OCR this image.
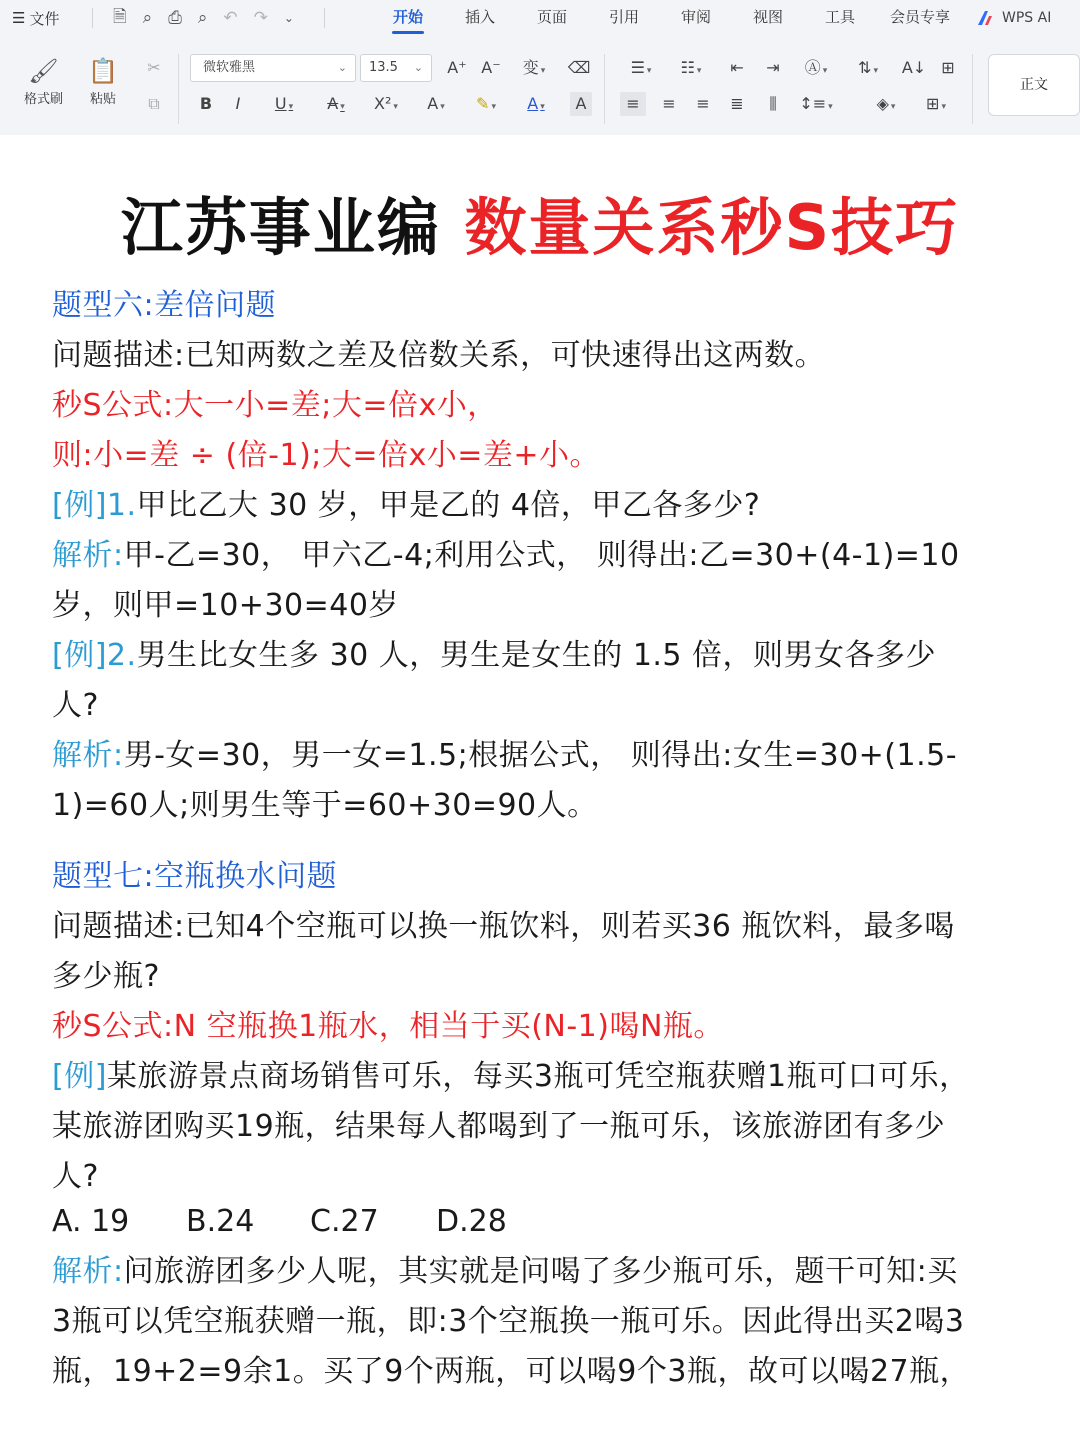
☰ 文件	🗎 ⌕ ⎙ ⌕ ↶ ↷ ⌄	开始	插入	页面	引用	审阅	视图	工具	会员专享	WPS AI
🖌
格式刷
📋
粘贴
✂
⧉
微软雅黑	⌄	13.5 ⌄ A⁺ A⁻	变 ▾	⌫
B	I	U ▾	A ▾	X² ▾	A ▾	✎ ▾	A ▾	A
☰ ▾	☷ ▾	⇤	⇥	Ⓐ ▾	⇅ ▾	A↓ ⊞
≡	≡	≡	≣	⫼	↕≡ ▾	◈ ▾	⊞ ▾
正文
江苏事业编 数量关系秒S技巧
题型六:差倍问题
问题描述:已知两数之差及倍数关系，可快速得出这两数。
秒S公式:大一小=差;大=倍x小，
则:小=差 ÷ (倍-1);大=倍x小=差+小。
[例]1.甲比乙大 30 岁，甲是乙的 4倍，甲乙各多少?
解析:甲-乙=30， 甲六乙-4;利用公式， 则得出:乙=30+(4-1)=10
岁，则甲=10+30=40岁
[例]2.男生比女生多 30 人，男生是女生的 1.5 倍，则男女各多少
人?
解析:男-女=30，男一女=1.5;根据公式， 则得出:女生=30+(1.5-
1)=60人;则男生等于=60+30=90人。
题型七:空瓶换水问题
问题描述:已知4个空瓶可以换一瓶饮料，则若买36 瓶饮料，最多喝
多少瓶?
秒S公式:N 空瓶换1瓶水，相当于买(N-1)喝N瓶。
[例]某旅游景点商场销售可乐，每买3瓶可凭空瓶获赠1瓶可口可乐，
某旅游团购买19瓶，结果每人都喝到了一瓶可乐，该旅游团有多少
人?
A. 19	B.24	C.27	D.28
解析:问旅游团多少人呢，其实就是问喝了多少瓶可乐，题干可知:买
3瓶可以凭空瓶获赠一瓶，即:3个空瓶换一瓶可乐。因此得出买2喝3
瓶，19+2=9余1。买了9个两瓶，可以喝9个3瓶，故可以喝27瓶，
